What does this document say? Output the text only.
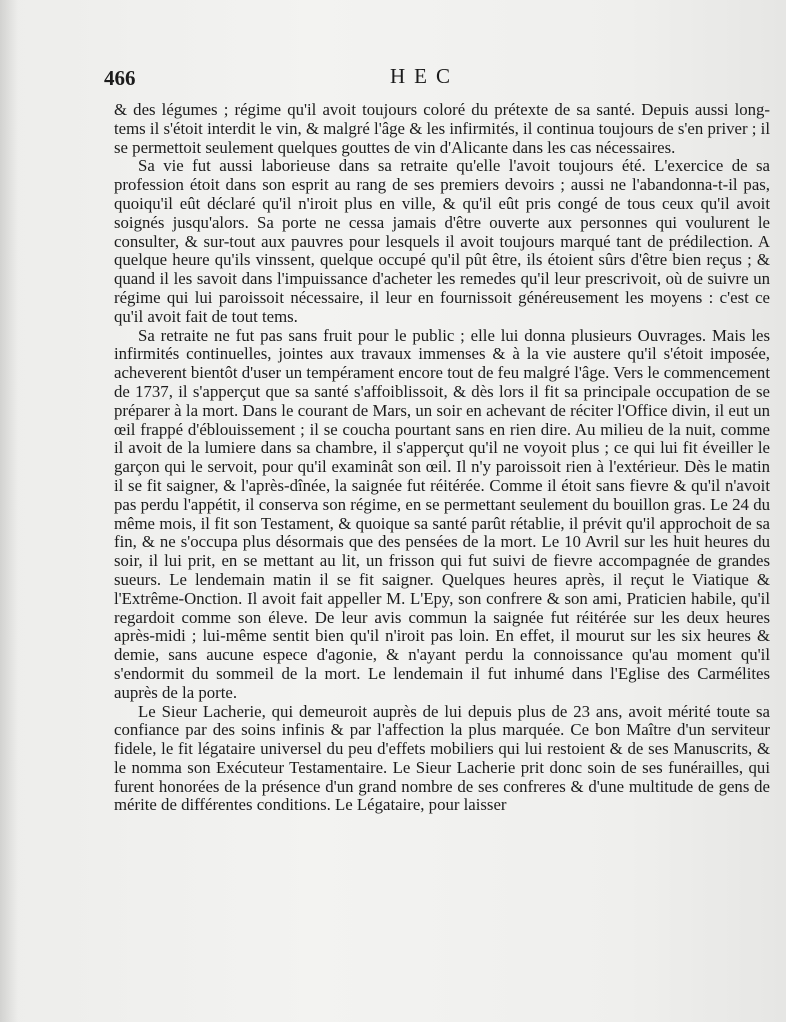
466	HEC

& des légumes ; régime qu'il avoit toujours coloré du prétexte de sa santé. Depuis aussi long-tems il s'étoit interdit le vin, & malgré l'âge & les infirmités, il continua toujours de s'en priver ; il se permettoit seulement quelques gouttes de vin d'Alicante dans les cas nécessaires.

Sa vie fut aussi laborieuse dans sa retraite qu'elle l'avoit toujours été. L'exercice de sa profession étoit dans son esprit au rang de ses premiers devoirs ; aussi ne l'abandonna-t-il pas, quoiqu'il eût déclaré qu'il n'iroit plus en ville, & qu'il eût pris congé de tous ceux qu'il avoit soignés jusqu'alors. Sa porte ne cessa jamais d'être ouverte aux personnes qui voulurent le consulter, & sur-tout aux pauvres pour lesquels il avoit toujours marqué tant de prédilection. A quelque heure qu'ils vinssent, quelque occupé qu'il pût être, ils étoient sûrs d'être bien reçus ; & quand il les savoit dans l'impuissance d'acheter les remedes qu'il leur prescrivoit, où de suivre un régime qui lui paroissoit nécessaire, il leur en fournissoit généreusement les moyens : c'est ce qu'il avoit fait de tout tems.

Sa retraite ne fut pas sans fruit pour le public ; elle lui donna plusieurs Ouvrages. Mais les infirmités continuelles, jointes aux travaux immenses & à la vie austere qu'il s'étoit imposée, acheverent bientôt d'user un tempérament encore tout de feu malgré l'âge. Vers le commencement de 1737, il s'apperçut que sa santé s'affoiblissoit, & dès lors il fit sa principale occupation de se préparer à la mort. Dans le courant de Mars, un soir en achevant de réciter l'Office divin, il eut un œil frappé d'éblouissement ; il se coucha pourtant sans en rien dire. Au milieu de la nuit, comme il avoit de la lumiere dans sa chambre, il s'apperçut qu'il ne voyoit plus ; ce qui lui fit éveiller le garçon qui le servoit, pour qu'il examinât son œil. Il n'y paroissoit rien à l'extérieur. Dès le matin il se fit saigner, & l'après-dînée, la saignée fut réitérée. Comme il étoit sans fievre & qu'il n'avoit pas perdu l'appétit, il conserva son régime, en se permettant seulement du bouillon gras. Le 24 du même mois, il fit son Testament, & quoique sa santé parût rétablie, il prévit qu'il approchoit de sa fin, & ne s'occupa plus désormais que des pensées de la mort. Le 10 Avril sur les huit heures du soir, il lui prit, en se mettant au lit, un frisson qui fut suivi de fievre accompagnée de grandes sueurs. Le lendemain matin il se fit saigner. Quelques heures après, il reçut le Viatique & l'Extrême-Onction. Il avoit fait appeller M. L'Epy, son confrere & son ami, Praticien habile, qu'il regardoit comme son éleve. De leur avis commun la saignée fut réitérée sur les deux heures après-midi ; lui-même sentit bien qu'il n'iroit pas loin. En effet, il mourut sur les six heures & demie, sans aucune espece d'agonie, & n'ayant perdu la connoissance qu'au moment qu'il s'endormit du sommeil de la mort. Le lendemain il fut inhumé dans l'Eglise des Carmélites auprès de la porte.

Le Sieur Lacherie, qui demeuroit auprès de lui depuis plus de 23 ans, avoit mérité toute sa confiance par des soins infinis & par l'affection la plus marquée. Ce bon Maître d'un serviteur fidele, le fit légataire universel du peu d'effets mobiliers qui lui restoient & de ses Manuscrits, & le nomma son Exécuteur Testamentaire. Le Sieur Lacherie prit donc soin de ses funérailles, qui furent honorées de la présence d'un grand nombre de ses confreres & d'une multitude de gens de mérite de différentes conditions. Le Légataire, pour laisser
